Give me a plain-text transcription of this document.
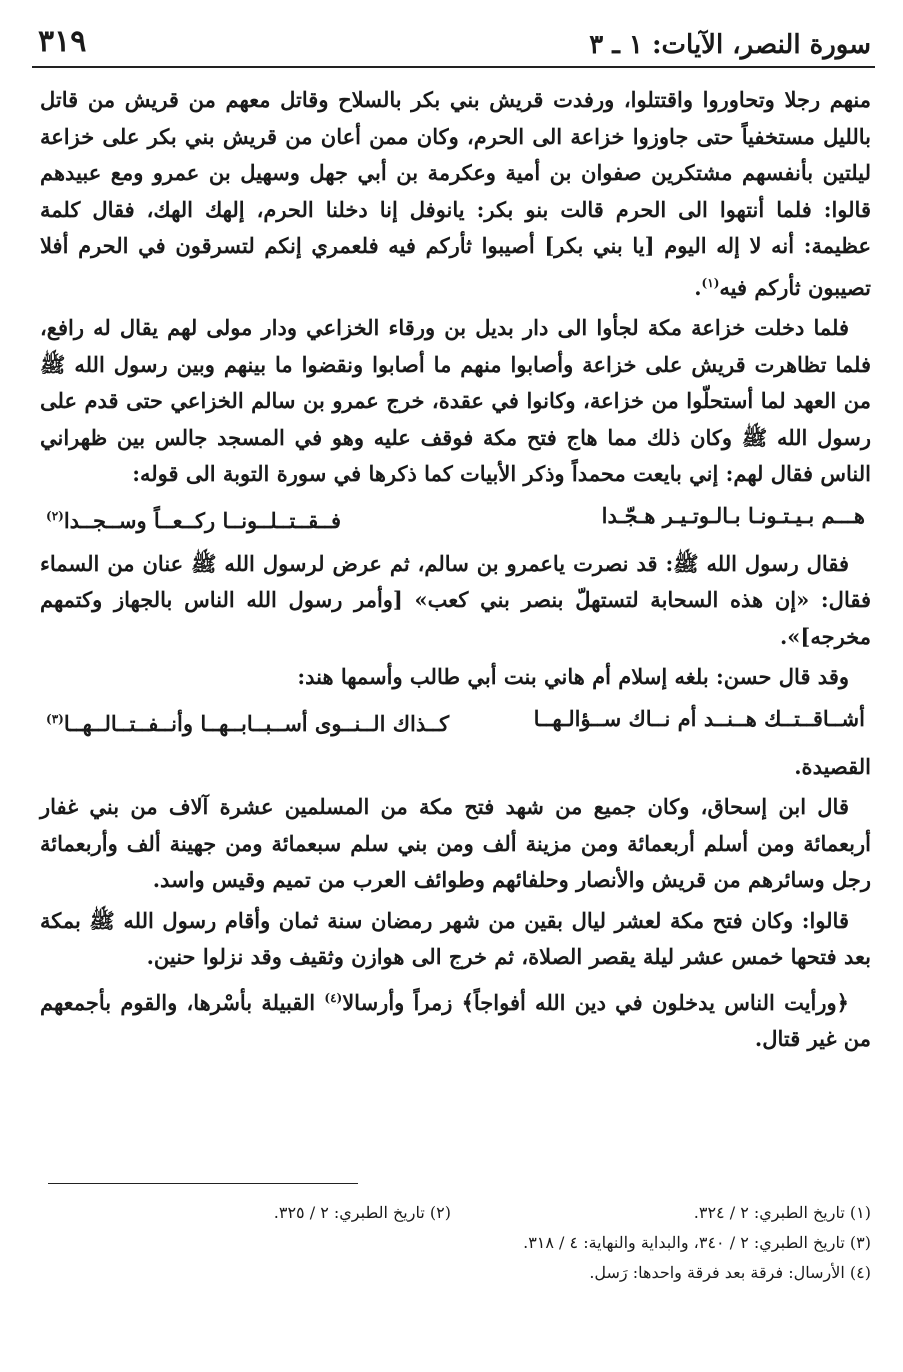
سورة النصر، الآيات: ١ ـ ٣
٣١٩

منهم رجلا وتحاوروا واقتتلوا، ورفدت قريش بني بكر بالسلاح وقاتل معهم من قريش من قاتل بالليل مستخفياً حتى جاوزوا خزاعة الى الحرم، وكان ممن أعان من قريش بني بكر على خزاعة ليلتين بأنفسهم مشتكرين صفوان بن أمية وعكرمة بن أبي جهل وسهيل بن عمرو ومع عبيدهم قالوا: فلما أنتهوا الى الحرم قالت بنو بكر: يانوفل إنا دخلنا الحرم، إلهك الهك، فقال كلمة عظيمة: أنه لا إله اليوم [يا بني بكر] أصيبوا ثأركم فيه فلعمري إنكم لتسرقون في الحرم أفلا تصيبون ثأركم فيه$^{(١)}$.

فلما دخلت خزاعة مكة لجأوا الى دار بديل بن ورقاء الخزاعي ودار مولى لهم يقال له رافع، فلما تظاهرت قريش على خزاعة وأصابوا منهم ما أصابوا ونقضوا ما بينهم وبين رسول الله ﷺ من العهد لما أستحلّوا من خزاعة، وكانوا في عقدة، خرج عمرو بن سالم الخزاعي حتى قدم على رسول الله ﷺ وكان ذلك مما هاج فتح مكة فوقف عليه وهو في المسجد جالس بين ظهراني الناس فقال لهم: إني بايعت محمداً وذكر الأبيات كما ذكرها في سورة التوبة الى قوله:

هـــم بـيـتـونـا بـالـوتـيـر هـجّـدا
فــقــتــلــونــا ركــعــاً وســجــدا$^{(٢)}$

فقال رسول الله ﷺ: قد نصرت ياعمرو بن سالم، ثم عرض لرسول الله ﷺ عنان من السماء فقال: «إن هذه السحابة لتستهلّ بنصر بني كعب» [وأمر رسول الله الناس بالجهاز وكتمهم مخرجه]».

وقد قال حسن: بلغه إسلام أم هاني بنت أبي طالب وأسمها هند:

أشــاقــتــك هــنــد أم نــاك ســؤالـهــا
كــذاك الــنــوى أســبــابــهــا وأنــفــتــالــهــا$^{(٣)}$

القصيدة.

قال ابن إسحاق، وكان جميع من شهد فتح مكة من المسلمين عشرة آلاف من بني غفار أربعمائة ومن أسلم أربعمائة ومن مزينة ألف ومن بني سلم سبعمائة ومن جهينة ألف وأربعمائة رجل وسائرهم من قريش والأنصار وحلفائهم وطوائف العرب من تميم وقيس واسد.

قالوا: وكان فتح مكة لعشر ليال بقين من شهر رمضان سنة ثمان وأقام رسول الله ﷺ بمكة بعد فتحها خمس عشر ليلة يقصر الصلاة، ثم خرج الى هوازن وثقيف وقد نزلوا حنين.

﴿ورأيت الناس يدخلون في دين الله أفواجاً﴾ زمراً وأرسالا$^{(٤)}$ القبيلة بأسْرها، والقوم بأجمعهم من غير قتال.

(١) تاريخ الطبري: ٢ / ٣٢٤.
(٢) تاريخ الطبري: ٢ / ٣٢٥.
(٣) تاريخ الطبري: ٢ / ٣٤٠، والبداية والنهاية: ٤ / ٣١٨.
(٤) الأرسال: فرقة بعد فرقة واحدها: رَسل.
